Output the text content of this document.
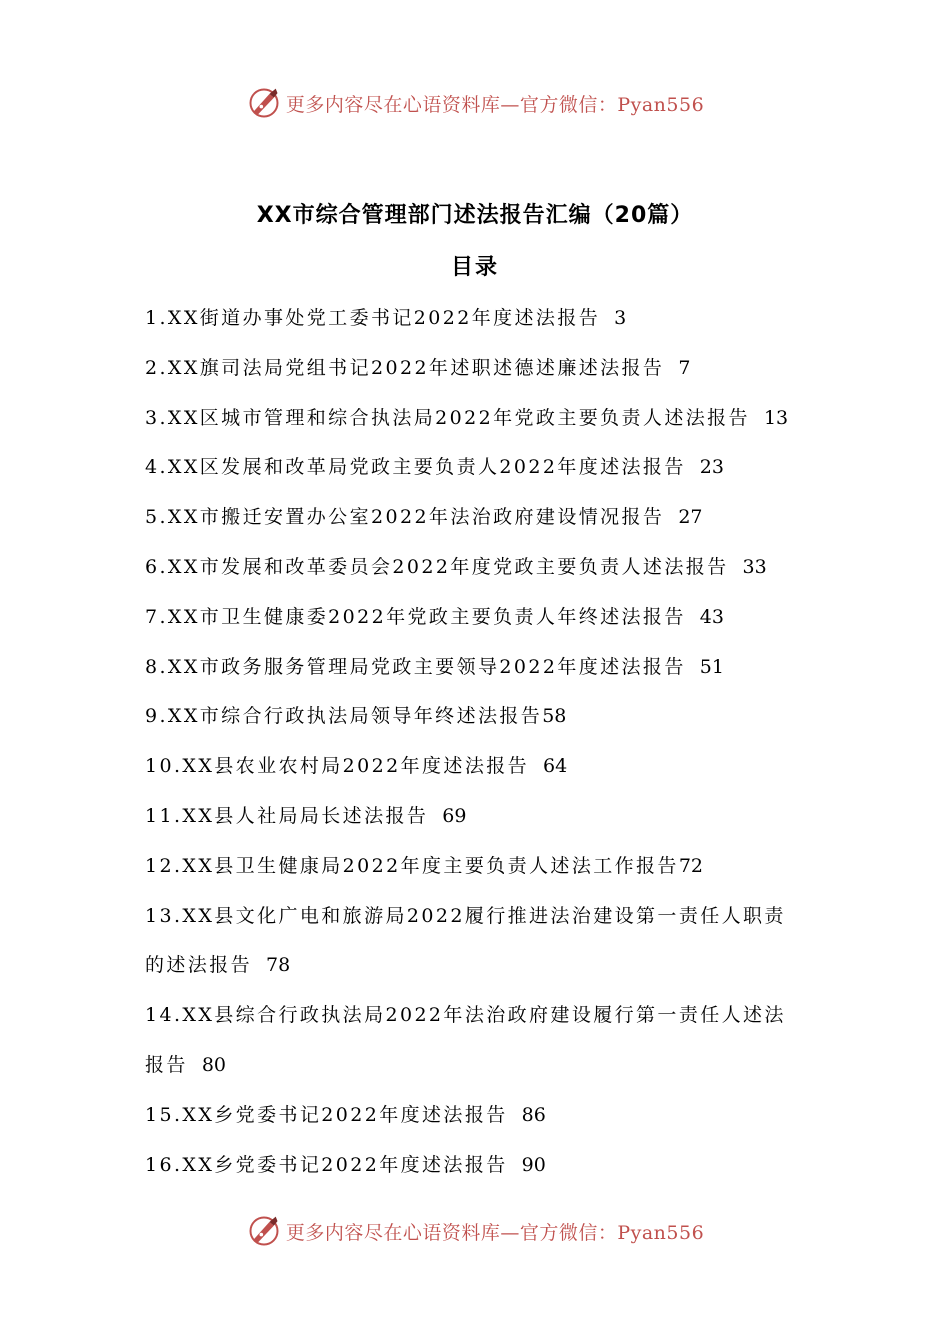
更多内容尽在心语资料库—官方微信：Pyan556
XX市综合管理部门述法报告汇编（20篇）
目录
1.XX街道办事处党工委书记2022年度述法报告 3
2.XX旗司法局党组书记2022年述职述德述廉述法报告 7
3.XX区城市管理和综合执法局2022年党政主要负责人述法报告 13
4.XX区发展和改革局党政主要负责人2022年度述法报告 23
5.XX市搬迁安置办公室2022年法治政府建设情况报告 27
6.XX市发展和改革委员会2022年度党政主要负责人述法报告 33
7.XX市卫生健康委2022年党政主要负责人年终述法报告 43
8.XX市政务服务管理局党政主要领导2022年度述法报告 51
9.XX市综合行政执法局领导年终述法报告58
10.XX县农业农村局2022年度述法报告 64
11.XX县人社局局长述法报告 69
12.XX县卫生健康局2022年度主要负责人述法工作报告72
13.XX县文化广电和旅游局2022履行推进法治建设第一责任人职责
的述法报告 78
14.XX县综合行政执法局2022年法治政府建设履行第一责任人述法
报告 80
15.XX乡党委书记2022年度述法报告 86
16.XX乡党委书记2022年度述法报告 90
更多内容尽在心语资料库—官方微信：Pyan556
